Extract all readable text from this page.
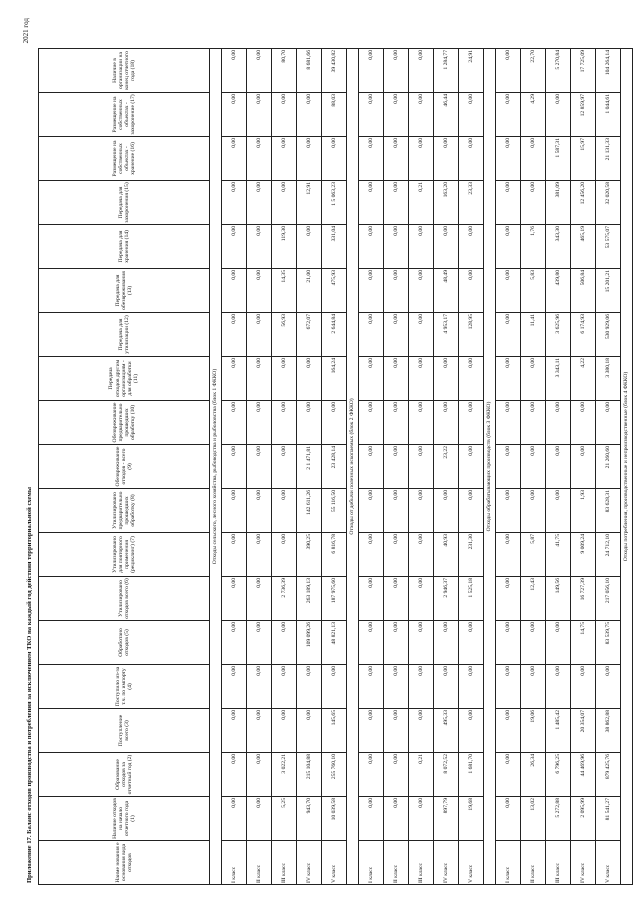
Приложение 17. Баланс отходов производства и потребления за исключением ТКО на каждый год действия территориальной схемы
2021 год
Наиме нования е основания вида отходов	Наличие отходов на начало отчетного года (1)	Образование отходов за отчетный год (2)	Поступление всего (3)	Поступило из-за т.ч. по импорту (4)	Обработано отходов (5)	Утилизировано отходов всего (6)	Утилизировано для повторного применения (рециклинг) (7)	Утилизировано предварительно прошедших обработку (8)	Обезвреживание отходов - всего (9)	Обезвреживание предварительно прошедших обработку (10)	Передача отходов другим организациям - для обработки (11)	Передача для утилизации (12)	Передача для обезвреживания (13)	Передача для хранения (14)	Передача для захоронения (15)	Размещение на собственных объектах - хранение (16)	Размещение на собственных объектах - захоронение (17)	Наличие в организации на конец отчетного года (18)
Отходы сельского, лесного хозяйства, рыбоводства и рыболовства (блок 1 ФККО)																		
I класс	0,00	0,00	0,00	0,00	0,00	0,00	0,00	0,00	0,00	0,00	0,00	0,00	0,00	0,00	0,00	0,00	0,00	0,00
II класс	0,00	0,00	0,00	0,00	0,00	0,00	0,00	0,00	0,00	0,00	0,00	0,00	0,00	0,00	0,00	0,00	0,00	0,00
III класс	5,25	3 022,21	0,00	0,00	0,00	2 736,39	0,00	0,00	0,00	0,00	0,00	56,93	14,35	119,30	0,00	0,00	0,00	80,70
IV класс	943,70	215 104,88	0,00	0,00	109 099,26	263 189,13	390,25	142 611,26	2 1 471,81	0,00	0,00	672,07	21,00	0,00	12,91	0,00	0,00	8 681,66
V класс	10 039,58	255 760,10	145,65	0,00	48 821,13	187 975,60	6 816,78	55 116,50	23 428,14	0,00	164,24	2 644,84	475,93	331,04	1 5 063,23	0,00	88,03	39 430,82
Отходы от добычи полезных ископаемых (блок 2 ФККО)																		
I класс	0,00	0,00	0,00	0,00	0,00	0,00	0,00	0,00	0,00	0,00	0,00	0,00	0,00	0,00	0,00	0,00	0,00	0,00
II класс	0,00	0,00	0,00	0,00	0,00	0,00	0,00	0,00	0,00	0,00	0,00	0,00	0,00	0,00	0,00	0,00	0,00	0,00
III класс	0,00	0,21	0,00	0,00	0,00	0,00	0,00	0,00	0,00	0,00	0,00	0,00	0,00	0,00	0,21	0,00	0,00	0,00
IV класс	897,79	8 072,52	495,33	0,00	0,00	2 946,37	40,93	0,00	23,22	0,00	0,00	4 953,17	48,49	0,00	163,20	0,00	46,44	1 284,77
V класс	19,68	1 681,70	0,00	0,00	0,00	1 525,18	231,30	0,00	0,00	0,00	0,00	128,95	0,00	0,00	23,33	0,00	0,00	24,91
Отходы обрабатывающих производств (блок 3 ФККО)																		
I класс	0,00	0,00	0,00	0,00	0,00	0,00	0,00	0,00	0,00	0,00	0,00	0,00	0,00	0,00	0,00	0,00	0,00	0,00
II класс	13,02	26,34	19,06	0,00	0,00	12,43	5,87	0,00	0,00	0,00	0,00	11,41	5,83	1,76	0,00	0,00	4,29	22,70
III класс	5 272,88	6 796,25	1 485,42	0,00	0,00	149,56	41,75	0,00	0,00	0,00	3 343,11	3 625,96	439,80	343,30	381,09	1 587,31	0,00	5 270,84
IV класс	2 095,99	44 469,96	20 354,07	0,00	14,75	16 727,39	9 009,24	1,93	0,00	0,00	4,22	6 174,93	506,84	465,19	12 456,20	15,97	12 859,97	17 725,09
V класс	81 541,27	879 425,76	38 862,88	0,00	83 539,75	217 056,10	24 712,10	83 628,31	21 260,60	0,00	3 380,18	530 929,06	15 201,21	53 575,07	32 020,58	21 131,33	1 044,61	104 264,14
Отходы потребления, производственные и непроизводственные (блок 4 ФККО)																		
